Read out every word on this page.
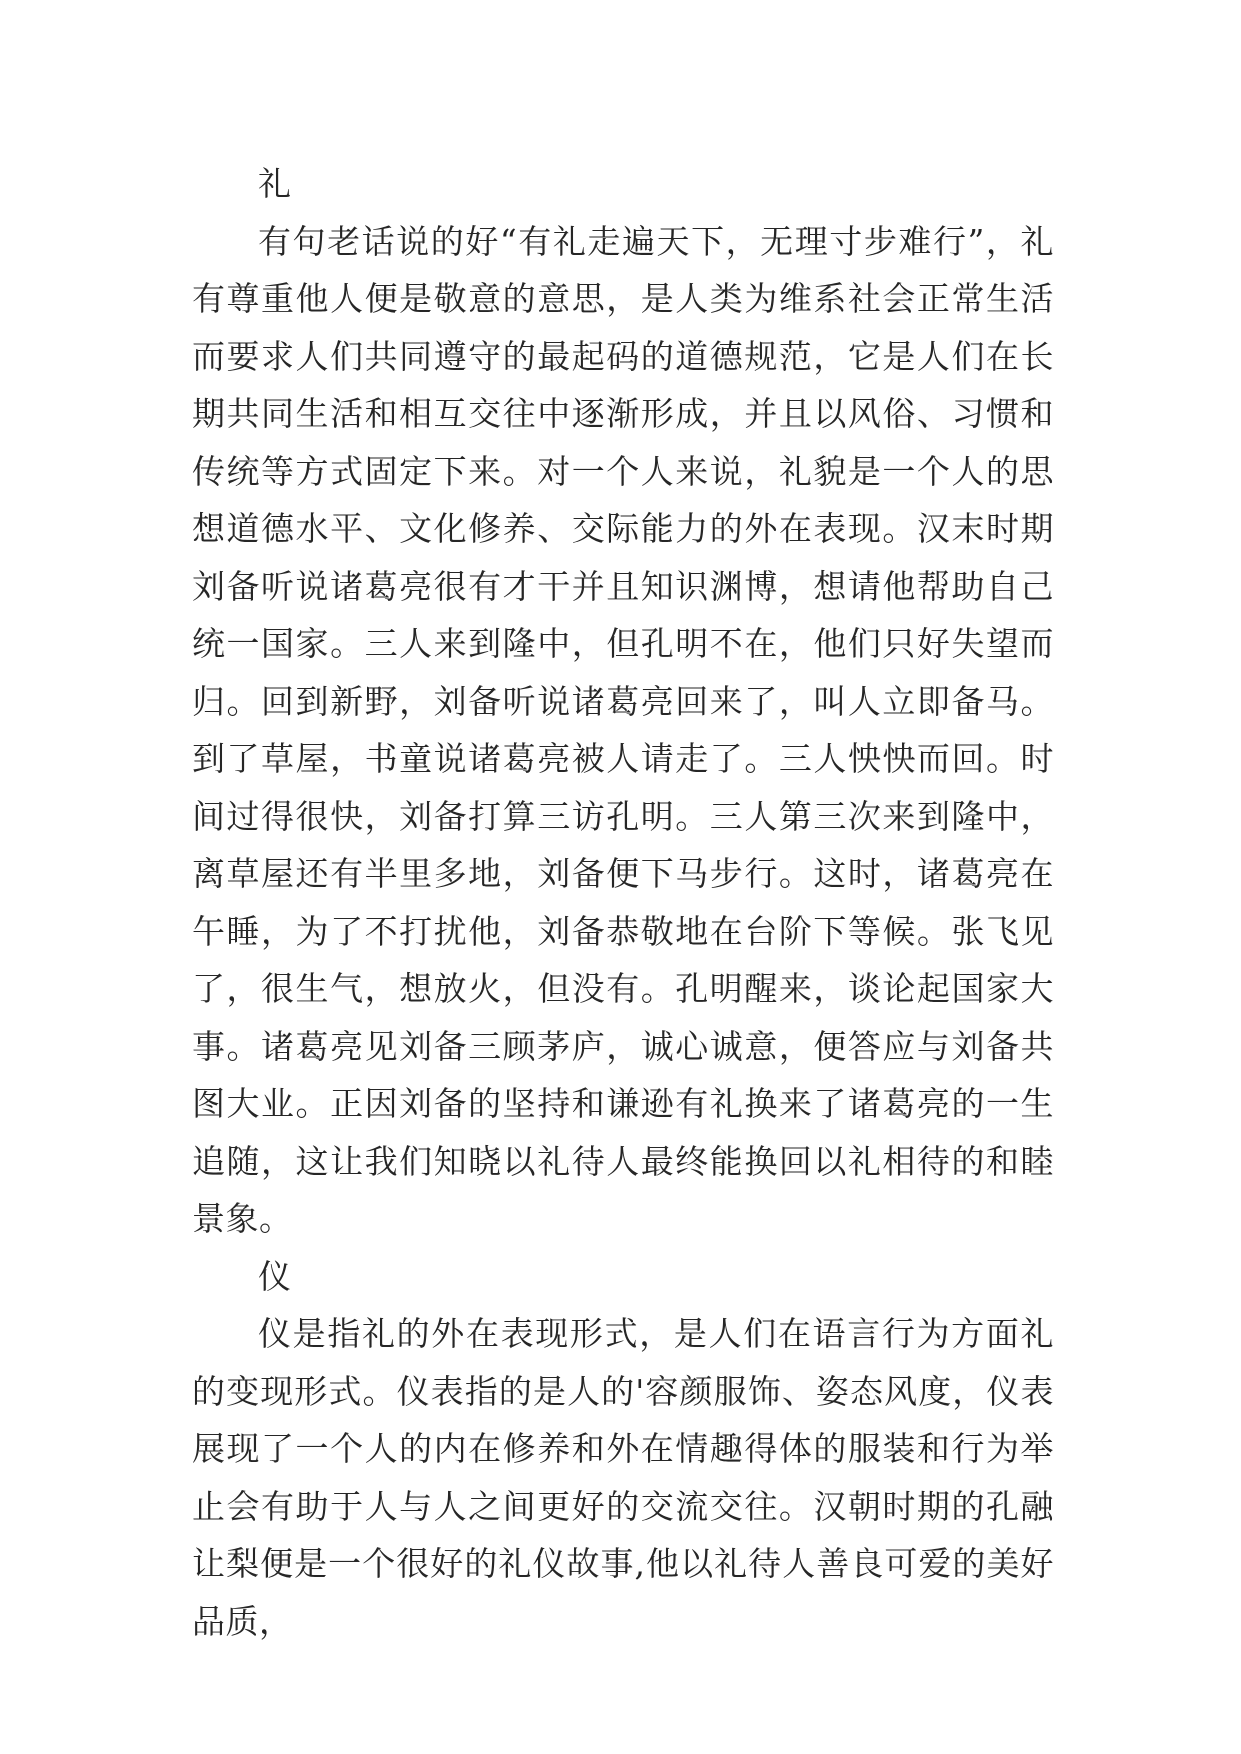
礼

有句老话说的好“有礼走遍天下，无理寸步难行”，礼有尊重他人便是敬意的意思，是人类为维系社会正常生活而要求人们共同遵守的最起码的道德规范，它是人们在长期共同生活和相互交往中逐渐形成，并且以风俗、习惯和传统等方式固定下来。对一个人来说，礼貌是一个人的思想道德水平、文化修养、交际能力的外在表现。汉末时期刘备听说诸葛亮很有才干并且知识渊博，想请他帮助自己统一国家。三人来到隆中，但孔明不在，他们只好失望而归。回到新野，刘备听说诸葛亮回来了，叫人立即备马。到了草屋，书童说诸葛亮被人请走了。三人怏怏而回。时间过得很快，刘备打算三访孔明。三人第三次来到隆中，离草屋还有半里多地，刘备便下马步行。这时，诸葛亮在午睡，为了不打扰他，刘备恭敬地在台阶下等候。张飞见了，很生气，想放火，但没有。孔明醒来，谈论起国家大事。诸葛亮见刘备三顾茅庐，诚心诚意，便答应与刘备共图大业。正因刘备的坚持和谦逊有礼换来了诸葛亮的一生追随，这让我们知晓以礼待人最终能换回以礼相待的和睦景象。

仪

仪是指礼的外在表现形式，是人们在语言行为方面礼的变现形式。仪表指的是人的'容颜服饰、姿态风度，仪表展现了一个人的内在修养和外在情趣得体的服装和行为举止会有助于人与人之间更好的交流交往。汉朝时期的孔融让梨便是一个很好的礼仪故事,他以礼待人善良可爱的美好品质，
